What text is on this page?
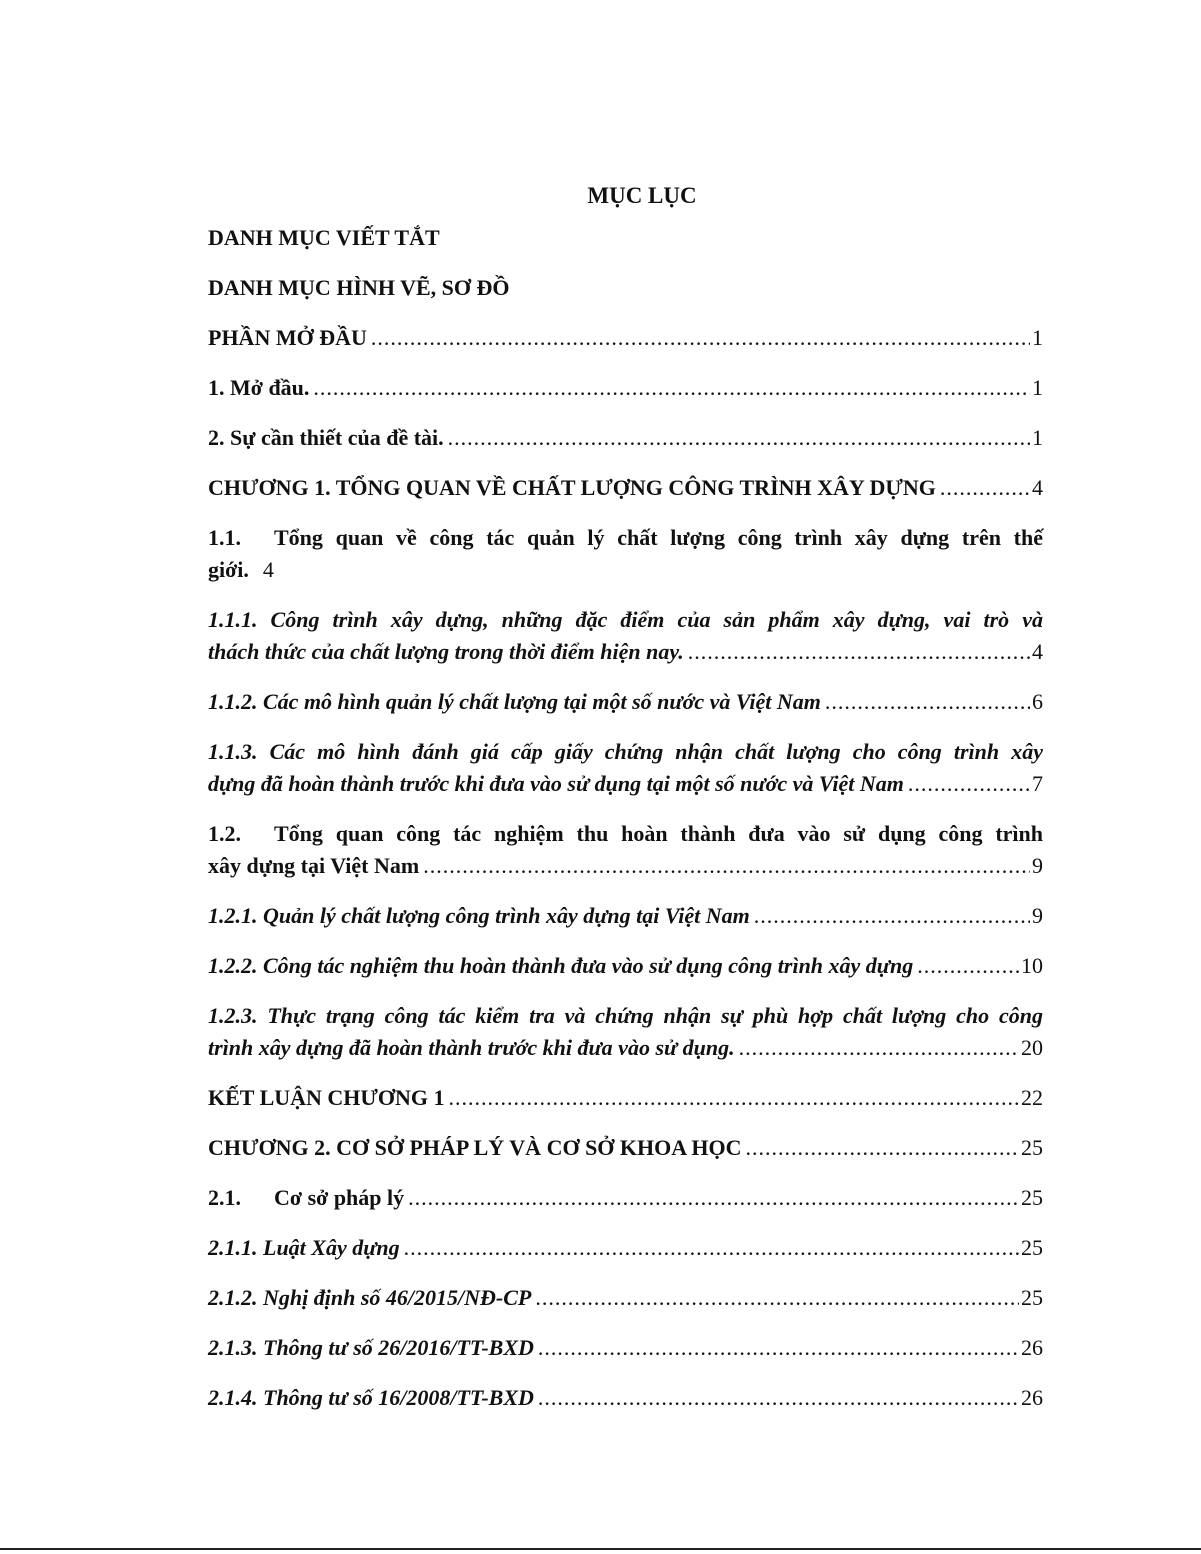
MỤC LỤC
DANH MỤC VIẾT TẮT
DANH MỤC HÌNH VẼ, SƠ ĐỒ
PHẦN MỞ ĐẦU .....	1
1. Mở đầu. .....	1
2. Sự cần thiết của đề tài. .....	1
CHƯƠNG 1. TỔNG QUAN VỀ CHẤT LƯỢNG CÔNG TRÌNH XÂY DỰNG .....	4
1.1. Tổng quan về công tác quản lý chất lượng công trình xây dựng trên thế
giới. 4
1.1.1. Công trình xây dựng, những đặc điểm của sản phẩm xây dựng, vai trò và
thách thức của chất lượng trong thời điểm hiện nay. .....	4
1.1.2. Các mô hình quản lý chất lượng tại một số nước và Việt Nam .....	6
1.1.3. Các mô hình đánh giá cấp giấy chứng nhận chất lượng cho công trình xây
dựng đã hoàn thành trước khi đưa vào sử dụng tại một số nước và Việt Nam .....	7
1.2. Tổng quan công tác nghiệm thu hoàn thành đưa vào sử dụng công trình
xây dựng tại Việt Nam .....	9
1.2.1. Quản lý chất lượng công trình xây dựng tại Việt Nam .....	9
1.2.2. Công tác nghiệm thu hoàn thành đưa vào sử dụng công trình xây dựng .....	10
1.2.3. Thực trạng công tác kiểm tra và chứng nhận sự phù hợp chất lượng cho công
trình xây dựng đã hoàn thành trước khi đưa vào sử dụng. .....	20
KẾT LUẬN CHƯƠNG 1 .....	22
CHƯƠNG 2. CƠ SỞ PHÁP LÝ VÀ CƠ SỞ KHOA HỌC .....	25
2.1. Cơ sở pháp lý .....	25
2.1.1. Luật Xây dựng .....	25
2.1.2. Nghị định số 46/2015/NĐ-CP .....	25
2.1.3. Thông tư số 26/2016/TT-BXD .....	26
2.1.4. Thông tư số 16/2008/TT-BXD .....	26
